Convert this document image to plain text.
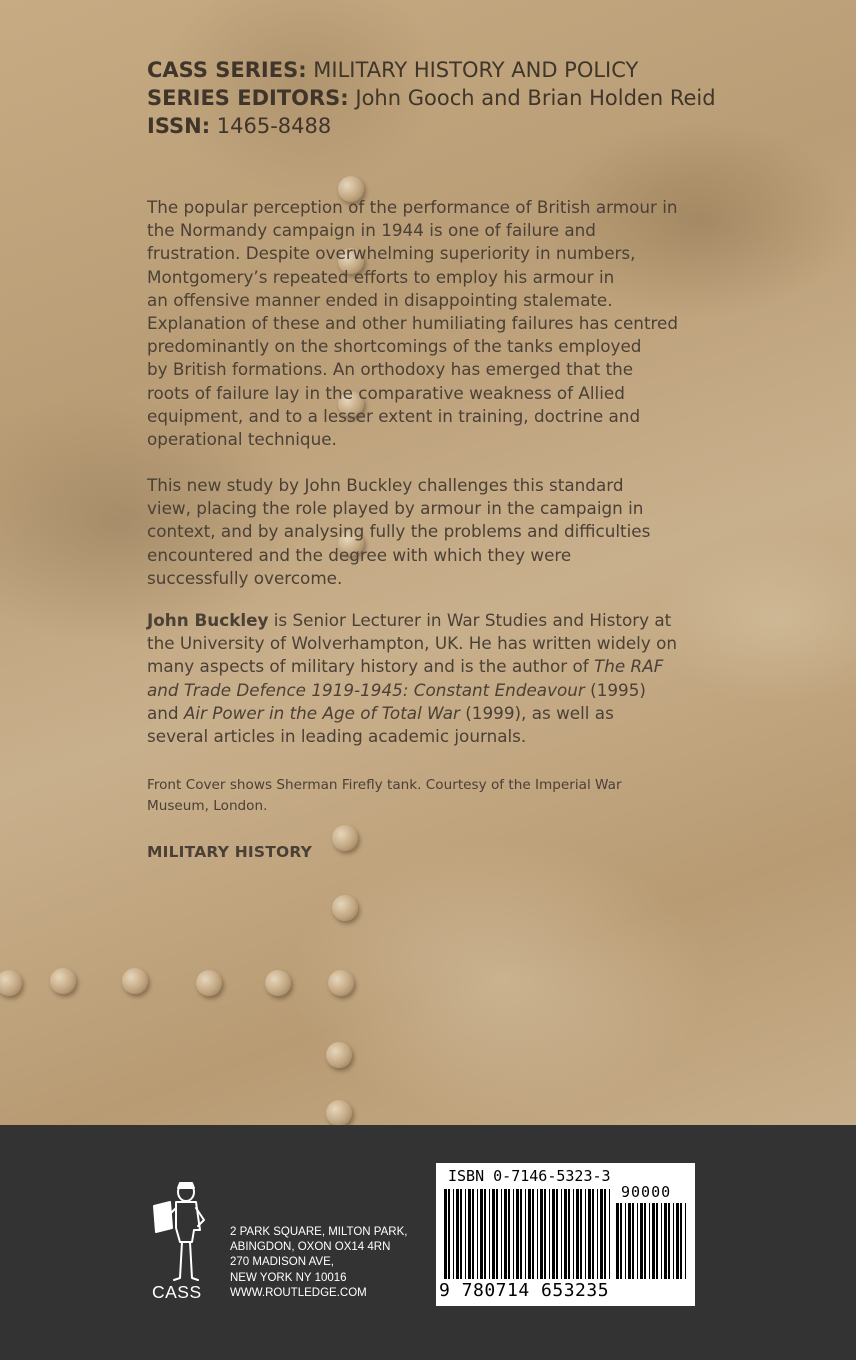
CASS SERIES: MILITARY HISTORY AND POLICY
SERIES EDITORS: John Gooch and Brian Holden Reid
ISSN: 1465-8488
The popular perception of the performance of British armour in
the Normandy campaign in 1944 is one of failure and
frustration. Despite overwhelming superiority in numbers,
Montgomery’s repeated efforts to employ his armour in
an offensive manner ended in disappointing stalemate.
Explanation of these and other humiliating failures has centred
predominantly on the shortcomings of the tanks employed
by British formations. An orthodoxy has emerged that the
roots of failure lay in the comparative weakness of Allied
equipment, and to a lesser extent in training, doctrine and
operational technique.
This new study by John Buckley challenges this standard
view, placing the role played by armour in the campaign in
context, and by analysing fully the problems and difficulties
encountered and the degree with which they were
successfully overcome.
John Buckley is Senior Lecturer in War Studies and History at
the University of Wolverhampton, UK. He has written widely on
many aspects of military history and is the author of The RAF
and Trade Defence 1919-1945: Constant Endeavour (1995)
and Air Power in the Age of Total War (1999), as well as
several articles in leading academic journals.
Front Cover shows Sherman Firefly tank. Courtesy of the Imperial War
Museum, London.
MILITARY HISTORY
CASS
2 PARK SQUARE, MILTON PARK,
ABINGDON, OXON OX14 4RN
270 MADISON AVE,
NEW YORK NY 10016
WWW.ROUTLEDGE.COM
ISBN 0-7146-5323-3
90000
9 780714 653235
